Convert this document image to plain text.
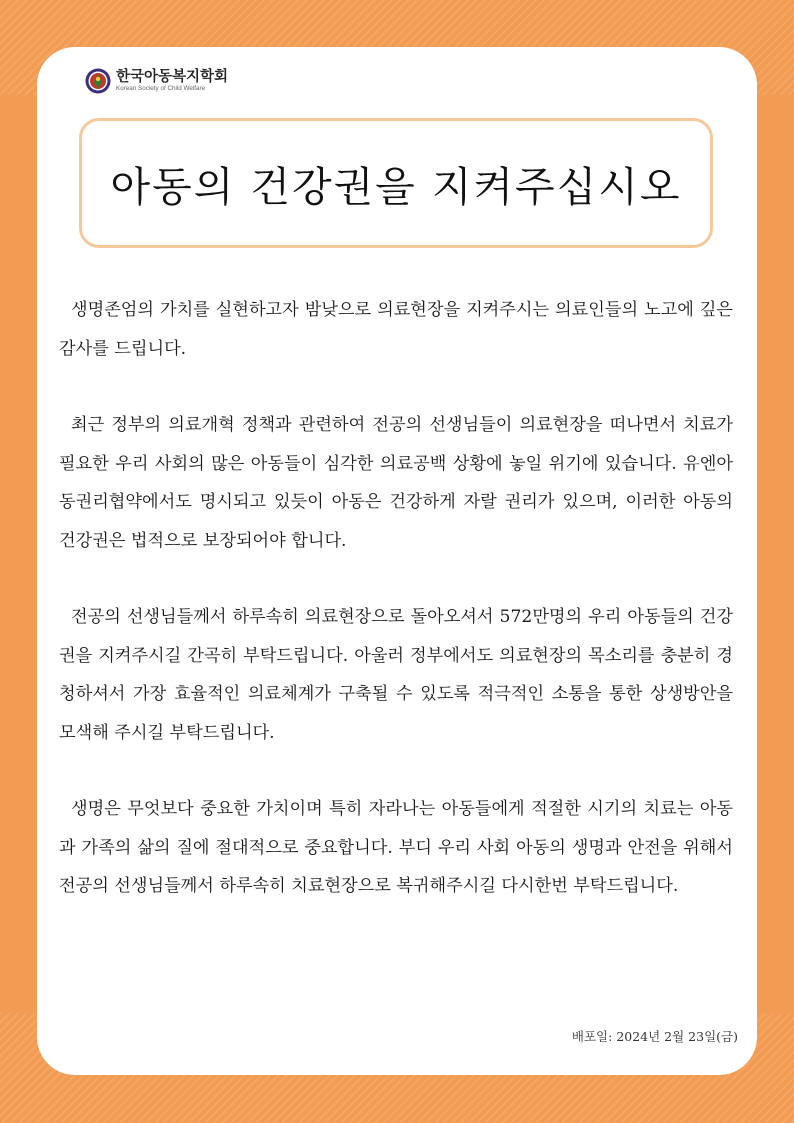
한국아동복지학회
Korean Society of Child Welfare
아동의 건강권을 지켜주십시오

생명존엄의 가치를 실현하고자 밤낮으로 의료현장을 지켜주시는 의료인들의 노고에 깊은 감사를 드립니다.

최근 정부의 의료개혁 정책과 관련하여 전공의 선생님들이 의료현장을 떠나면서 치료가 필요한 우리 사회의 많은 아동들이 심각한 의료공백 상황에 놓일 위기에 있습니다. 유엔아동권리협약에서도 명시되고 있듯이 아동은 건강하게 자랄 권리가 있으며, 이러한 아동의 건강권은 법적으로 보장되어야 합니다.

전공의 선생님들께서 하루속히 의료현장으로 돌아오셔서 572만명의 우리 아동들의 건강권을 지켜주시길 간곡히 부탁드립니다. 아울러 정부에서도 의료현장의 목소리를 충분히 경청하셔서 가장 효율적인 의료체계가 구축될 수 있도록 적극적인 소통을 통한 상생방안을 모색해 주시길 부탁드립니다.

생명은 무엇보다 중요한 가치이며 특히 자라나는 아동들에게 적절한 시기의 치료는 아동과 가족의 삶의 질에 절대적으로 중요합니다. 부디 우리 사회 아동의 생명과 안전을 위해서 전공의 선생님들께서 하루속히 치료현장으로 복귀해주시길 다시한번 부탁드립니다.

배포일: 2024년 2월 23일(금)
